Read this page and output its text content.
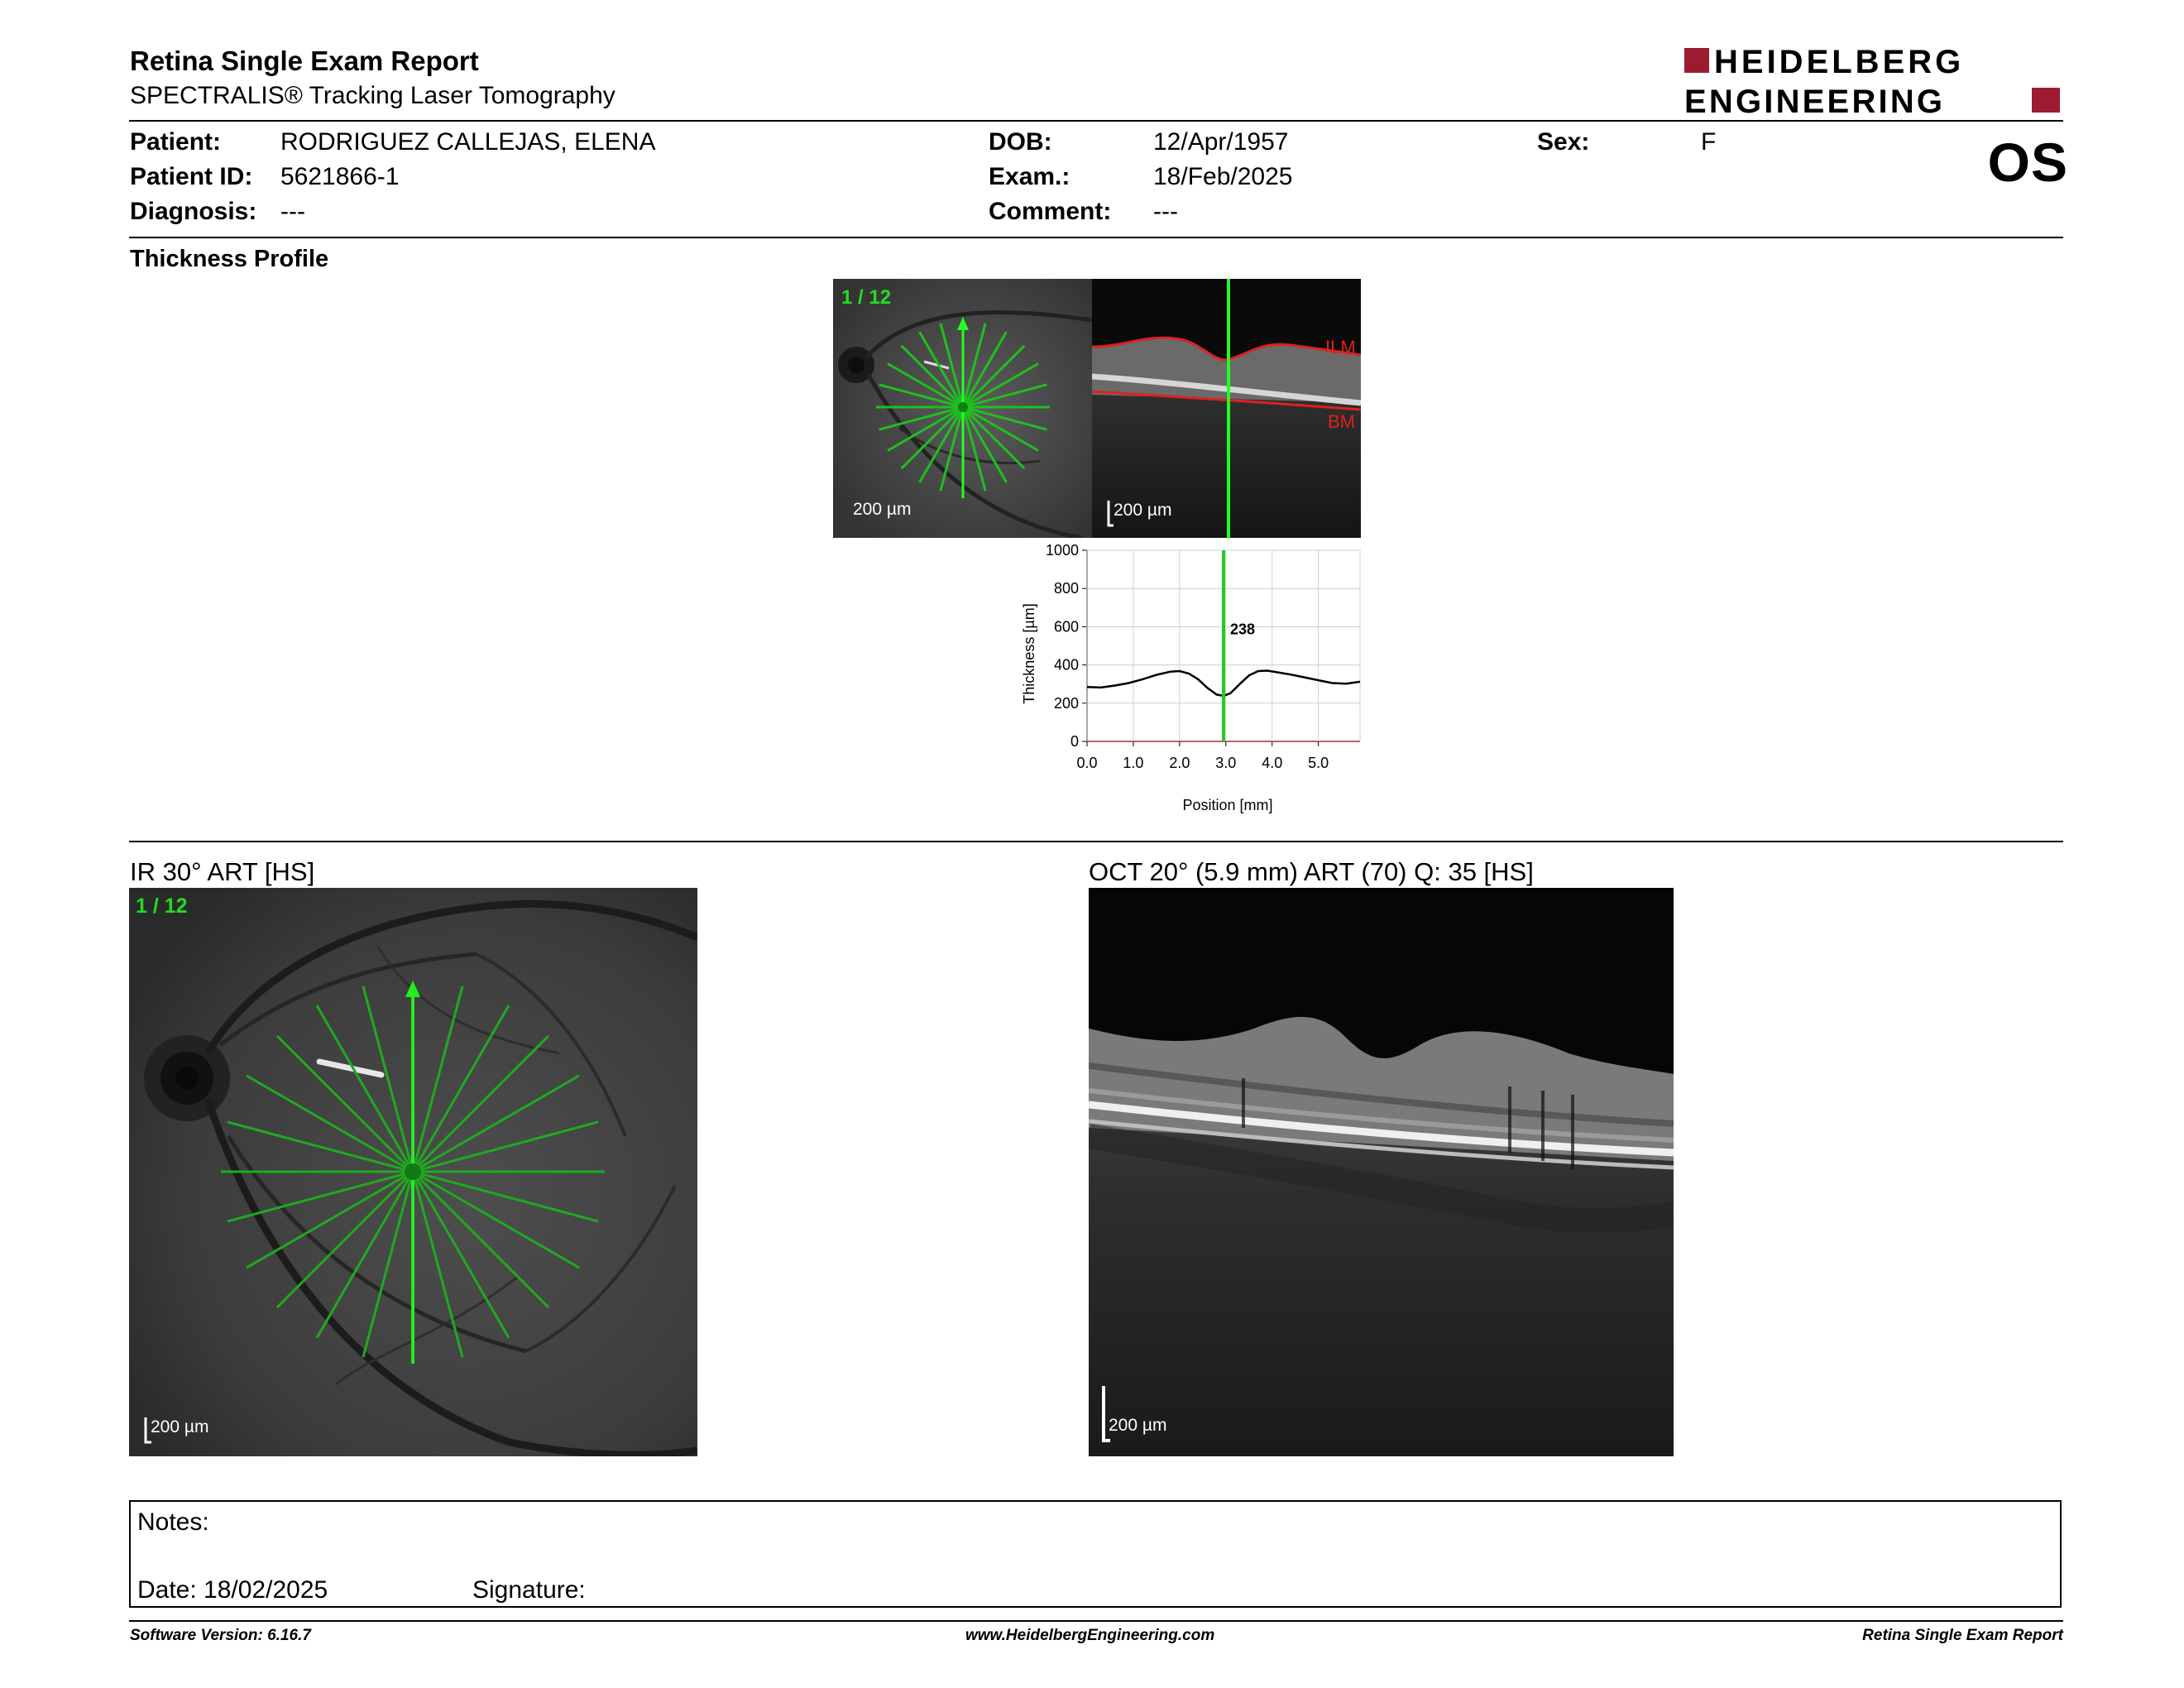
Retina Single Exam Report
SPECTRALIS® Tracking Laser Tomography
HEIDELBERG
ENGINEERING
Patient: RODRIGUEZ CALLEJAS, ELENA
Patient ID: 5621866-1
Diagnosis: ---
DOB:	12/Apr/1957
Exam.:	18/Feb/2025
Comment: ---
Sex:	F	OS
Thickness Profile
1 / 12
200 µm
ILM
BM
200 µm
0
200
400
600
800
1000
0.0 1.0 2.0 3.0 4.0 5.0
Thickness [µm]
Position [mm]
238
IR 30° ART [HS]
1 / 12
200 µm
OCT 20° (5.9 mm) ART (70) Q: 35 [HS]
200 µm
Notes:
Date: 18/02/2025	Signature:
Software Version: 6.16.7	www.HeidelbergEngineering.com	Retina Single Exam Report
